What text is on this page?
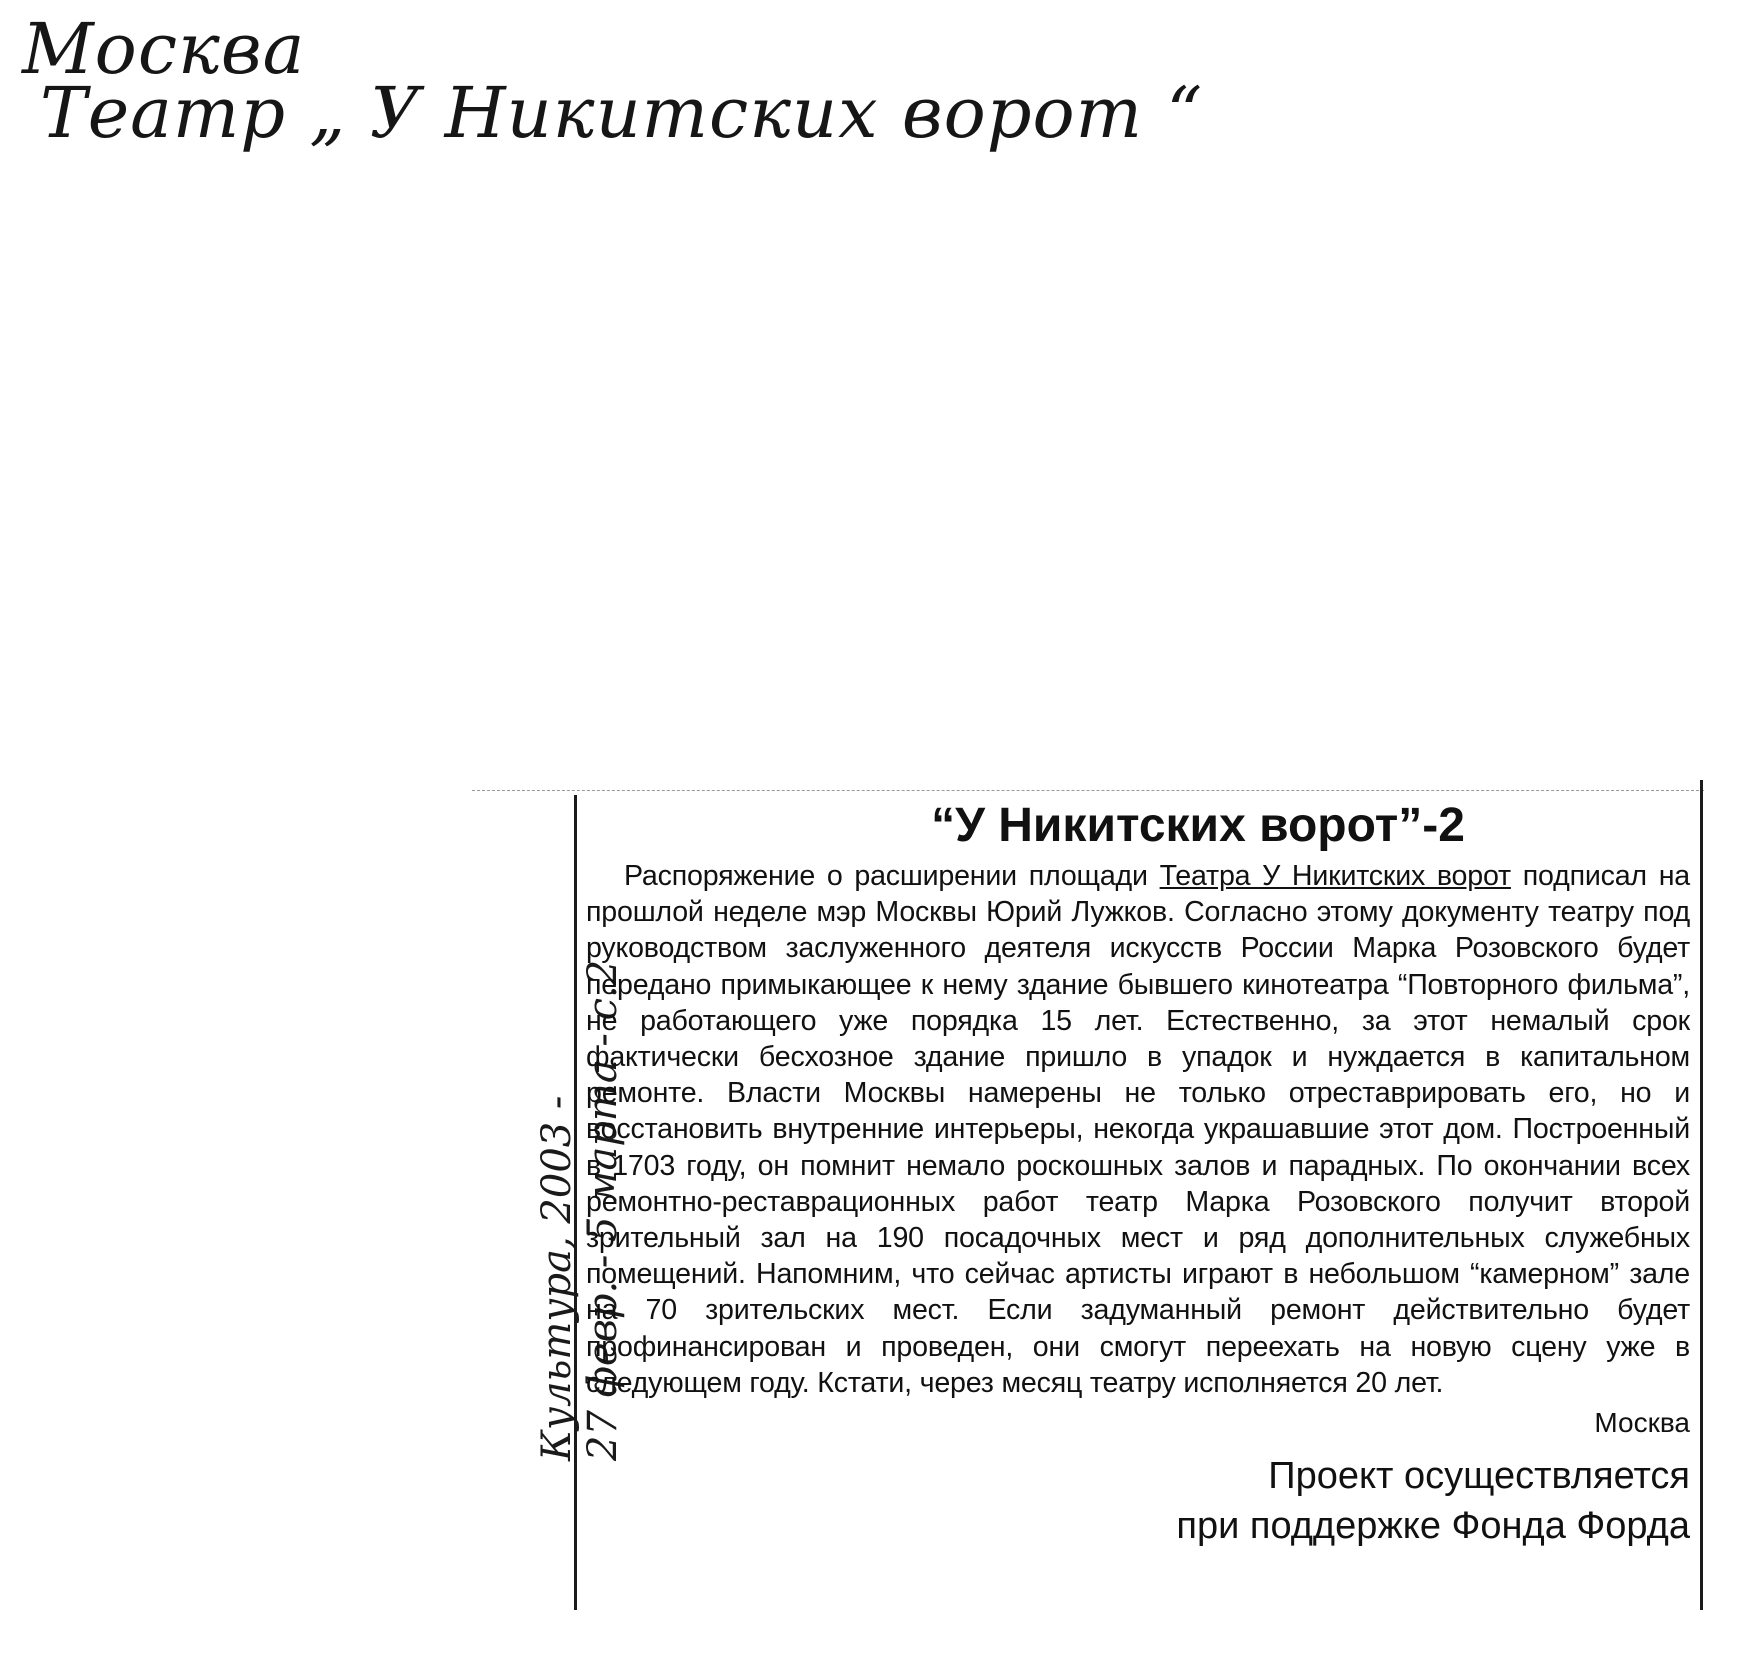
Москва
Театр „ У Никитских ворот “
Культура, 2003 - 27 февр. - 5 марта - с.2
“У Никитских ворот”-2

Распоряжение о расширении площади Театра У Никитских ворот подписал на прошлой неделе мэр Москвы Юрий Лужков. Согласно этому документу театру под руководством заслуженного деятеля искусств России Марка Розовского будет передано примыкающее к нему здание бывшего кинотеатра “Повторного фильма”, не работающего уже порядка 15 лет. Естественно, за этот немалый срок фактически бесхозное здание пришло в упадок и нуждается в капитальном ремонте. Власти Москвы намерены не только отреставрировать его, но и восстановить внутренние интерьеры, некогда украшавшие этот дом. Построенный в 1703 году, он помнит немало роскошных залов и парадных. По окончании всех ремонтно-реставрационных работ театр Марка Розовского получит второй зрительный зал на 190 посадочных мест и ряд дополнительных служебных помещений. Напомним, что сейчас артисты играют в небольшом “камерном” зале на 70 зрительских мест. Если задуманный ремонт действительно будет профинансирован и проведен, они смогут переехать на новую сцену уже в следующем году. Кстати, через месяц театру исполняется 20 лет.

Москва
Проект осуществляется
при поддержке Фонда Форда
